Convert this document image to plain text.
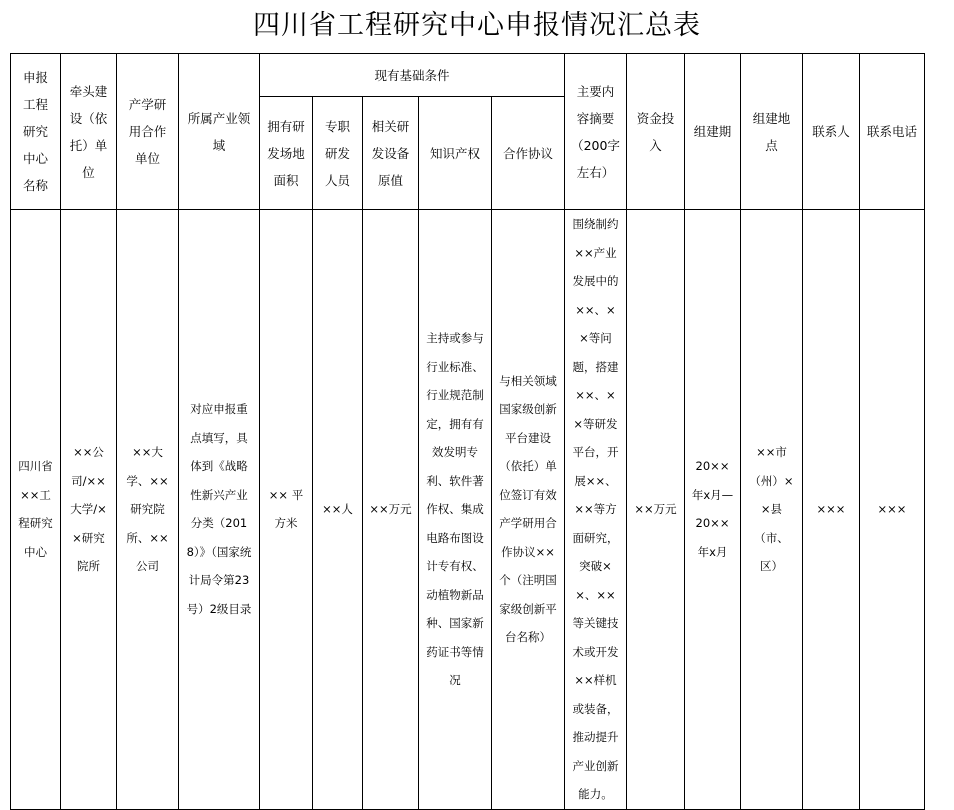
四川省工程研究中心申报情况汇总表
申报工程研究中心名称	牵头建设（依托）单位	产学研用合作单位	所属产业领域	现有基础条件					主要内容摘要（200字左右）	资金投入	组建期	组建地点	联系人	联系电话

				拥有研发场地面积	专职研发人员	相关研发设备原值	知识产权	合作协议						

四川省××工程研究中心	××公司/××大学/××研究院所	××大学、××研究院所、××公司	对应申报重点填写，具体到《战略性新兴产业分类（2018）》（国家统计局令第23号）2级目录	×× 平方米	××人	××万元	主持或参与行业标准、行业规范制定，拥有有效发明专利、软件著作权、集成电路布图设计专有权、动植物新品种、国家新药证书等情况	与相关领域国家级创新平台建设（依托）单位签订有效产学研用合作协议××个（注明国家级创新平台名称）	围绕制约××产业发展中的××、××等问题，搭建××、××等研发平台，开展××、××等方面研究，突破××、××等关键技术或开发××样机或装备，推动提升产业创新能力。	××万元	20××年x月—20××年x月	××市（州）××县（市、区）	×××	×××
